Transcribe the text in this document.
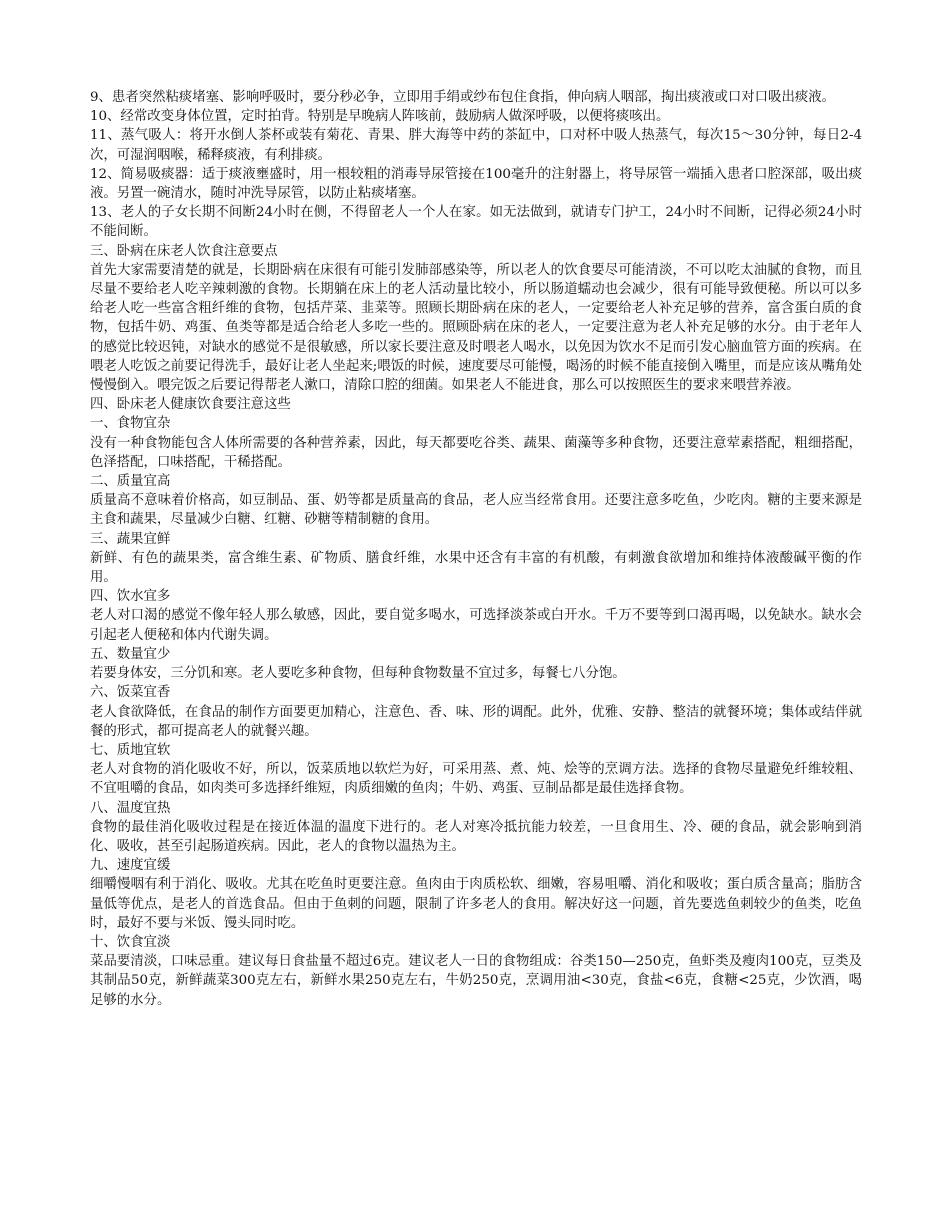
9、患者突然粘痰堵塞、影响呼吸时，要分秒必争，立即用手绢或纱布包住食指，伸向病人咽部，掏出痰液或口对口吸出痰液。

10、经常改变身体位置，定时拍背。特别是早晚病人阵咳前，鼓励病人做深呼吸，以便将痰咳出。

11、蒸气吸人：将开水倒人茶杯或装有菊花、青果、胖大海等中药的茶缸中，口对杯中吸人热蒸气，每次15～30分钟，每日2-4次，可湿润咽喉，稀释痰液，有利排痰。

12、简易吸痰器：适于痰液壅盛时，用一根较粗的消毒导尿管接在100毫升的注射器上，将导尿管一端插入患者口腔深部，吸出痰液。另置一碗清水，随时冲洗导尿管，以防止粘痰堵塞。

13、老人的子女长期不间断24小时在侧，不得留老人一个人在家。如无法做到，就请专门护工，24小时不间断，记得必须24小时不能间断。

三、卧病在床老人饮食注意要点

首先大家需要清楚的就是，长期卧病在床很有可能引发肺部感染等，所以老人的饮食要尽可能清淡，不可以吃太油腻的食物，而且尽量不要给老人吃辛辣刺激的食物。长期躺在床上的老人活动量比较小，所以肠道蠕动也会减少，很有可能导致便秘。所以可以多给老人吃一些富含粗纤维的食物，包括芹菜、韭菜等。照顾长期卧病在床的老人，一定要给老人补充足够的营养，富含蛋白质的食物，包括牛奶、鸡蛋、鱼类等都是适合给老人多吃一些的。照顾卧病在床的老人，一定要注意为老人补充足够的水分。由于老年人的感觉比较迟钝，对缺水的感觉不是很敏感，所以家长要注意及时喂老人喝水，以免因为饮水不足而引发心脑血管方面的疾病。在喂老人吃饭之前要记得洗手，最好让老人坐起来;喂饭的时候，速度要尽可能慢，喝汤的时候不能直接倒入嘴里，而是应该从嘴角处慢慢倒入。喂完饭之后要记得帮老人漱口，清除口腔的细菌。如果老人不能进食，那么可以按照医生的要求来喂营养液。

四、卧床老人健康饮食要注意这些

一、食物宜杂

没有一种食物能包含人体所需要的各种营养素，因此，每天都要吃谷类、蔬果、菌藻等多种食物，还要注意荤素搭配，粗细搭配，色泽搭配，口味搭配，干稀搭配。

二、质量宜高

质量高不意味着价格高，如豆制品、蛋、奶等都是质量高的食品，老人应当经常食用。还要注意多吃鱼，少吃肉。糖的主要来源是主食和蔬果，尽量减少白糖、红糖、砂糖等精制糖的食用。

三、蔬果宜鲜

新鲜、有色的蔬果类，富含维生素、矿物质、膳食纤维，水果中还含有丰富的有机酸，有刺激食欲增加和维持体液酸碱平衡的作用。

四、饮水宜多

老人对口渴的感觉不像年轻人那么敏感，因此，要自觉多喝水，可选择淡茶或白开水。千万不要等到口渴再喝，以免缺水。缺水会引起老人便秘和体内代谢失调。

五、数量宜少

若要身体安，三分饥和寒。老人要吃多种食物，但每种食物数量不宜过多，每餐七八分饱。

六、饭菜宜香

老人食欲降低，在食品的制作方面要更加精心，注意色、香、味、形的调配。此外，优雅、安静、整洁的就餐环境；集体或结伴就餐的形式，都可提高老人的就餐兴趣。

七、质地宜软

老人对食物的消化吸收不好，所以，饭菜质地以软烂为好，可采用蒸、煮、炖、烩等的烹调方法。选择的食物尽量避免纤维较粗、不宜咀嚼的食品，如肉类可多选择纤维短，肉质细嫩的鱼肉；牛奶、鸡蛋、豆制品都是最佳选择食物。

八、温度宜热

食物的最佳消化吸收过程是在接近体温的温度下进行的。老人对寒冷抵抗能力较差，一旦食用生、冷、硬的食品，就会影响到消化、吸收，甚至引起肠道疾病。因此，老人的食物以温热为主。

九、速度宜缓

细嚼慢咽有利于消化、吸收。尤其在吃鱼时更要注意。鱼肉由于肉质松软、细嫩，容易咀嚼、消化和吸收；蛋白质含量高；脂肪含量低等优点，是老人的首选食品。但由于鱼刺的问题，限制了许多老人的食用。解决好这一问题，首先要选鱼刺较少的鱼类，吃鱼时，最好不要与米饭、馒头同时吃。

十、饮食宜淡

菜品要清淡，口味忌重。建议每日食盐量不超过6克。建议老人一日的食物组成：谷类150—250克，鱼虾类及瘦肉100克，豆类及其制品50克，新鲜蔬菜300克左右，新鲜水果250克左右，牛奶250克，烹调用油<30克，食盐<6克，食糖<25克，少饮酒，喝足够的水分。
